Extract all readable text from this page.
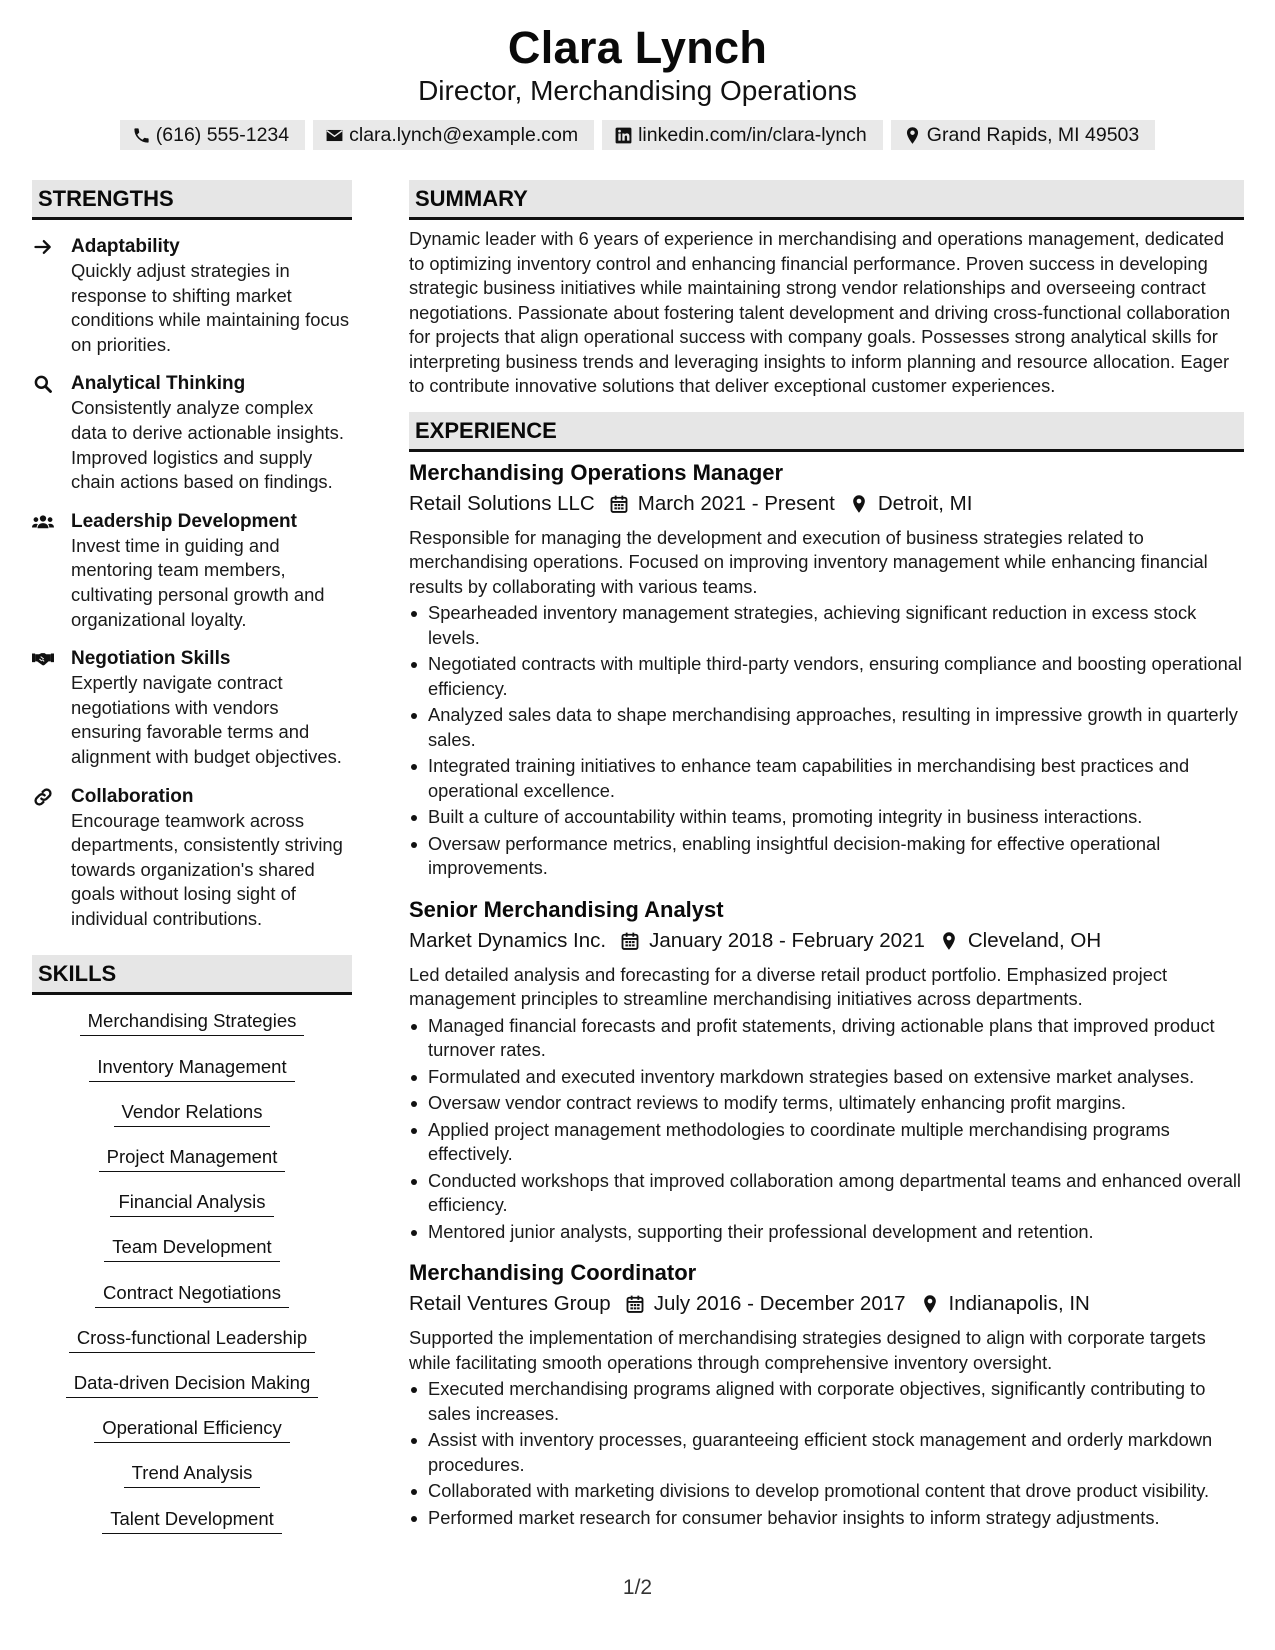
Clara Lynch
Director, Merchandising Operations
(616) 555-1234	clara.lynch@example.com	linkedin.com/in/clara-lynch	Grand Rapids, MI 49503
STRENGTHS
Adaptability
Quickly adjust strategies in response to shifting market conditions while maintaining focus on priorities.
Analytical Thinking
Consistently analyze complex data to derive actionable insights. Improved logistics and supply chain actions based on findings.
Leadership Development
Invest time in guiding and mentoring team members, cultivating personal growth and organizational loyalty.
Negotiation Skills
Expertly navigate contract negotiations with vendors ensuring favorable terms and alignment with budget objectives.
Collaboration
Encourage teamwork across departments, consistently striving towards organization's shared goals without losing sight of individual contributions.
SKILLS
Merchandising Strategies
Inventory Management
Vendor Relations
Project Management
Financial Analysis
Team Development
Contract Negotiations
Cross-functional Leadership
Data-driven Decision Making
Operational Efficiency
Trend Analysis
Talent Development
SUMMARY

Dynamic leader with 6 years of experience in merchandising and operations management, dedicated to optimizing inventory control and enhancing financial performance. Proven success in developing strategic business initiatives while maintaining strong vendor relationships and overseeing contract negotiations. Passionate about fostering talent development and driving cross-functional collaboration for projects that align operational success with company goals. Possesses strong analytical skills for interpreting business trends and leveraging insights to inform planning and resource allocation. Eager to contribute innovative solutions that deliver exceptional customer experiences.

EXPERIENCE
Merchandising Operations Manager
Retail Solutions LLC March 2021 - Present Detroit, MI

Responsible for managing the development and execution of business strategies related to merchandising operations. Focused on improving inventory management while enhancing financial results by collaborating with various teams.

Spearheaded inventory management strategies, achieving significant reduction in excess stock levels.
Negotiated contracts with multiple third-party vendors, ensuring compliance and boosting operational efficiency.
Analyzed sales data to shape merchandising approaches, resulting in impressive growth in quarterly sales.
Integrated training initiatives to enhance team capabilities in merchandising best practices and operational excellence.
Built a culture of accountability within teams, promoting integrity in business interactions.
Oversaw performance metrics, enabling insightful decision-making for effective operational improvements.
Senior Merchandising Analyst
Market Dynamics Inc. January 2018 - February 2021 Cleveland, OH

Led detailed analysis and forecasting for a diverse retail product portfolio. Emphasized project management principles to streamline merchandising initiatives across departments.

Managed financial forecasts and profit statements, driving actionable plans that improved product turnover rates.
Formulated and executed inventory markdown strategies based on extensive market analyses.
Oversaw vendor contract reviews to modify terms, ultimately enhancing profit margins.
Applied project management methodologies to coordinate multiple merchandising programs effectively.
Conducted workshops that improved collaboration among departmental teams and enhanced overall efficiency.
Mentored junior analysts, supporting their professional development and retention.
Merchandising Coordinator
Retail Ventures Group July 2016 - December 2017 Indianapolis, IN

Supported the implementation of merchandising strategies designed to align with corporate targets while facilitating smooth operations through comprehensive inventory oversight.

Executed merchandising programs aligned with corporate objectives, significantly contributing to sales increases.
Assist with inventory processes, guaranteeing efficient stock management and orderly markdown procedures.
Collaborated with marketing divisions to develop promotional content that drove product visibility.
Performed market research for consumer behavior insights to inform strategy adjustments.
1/2
